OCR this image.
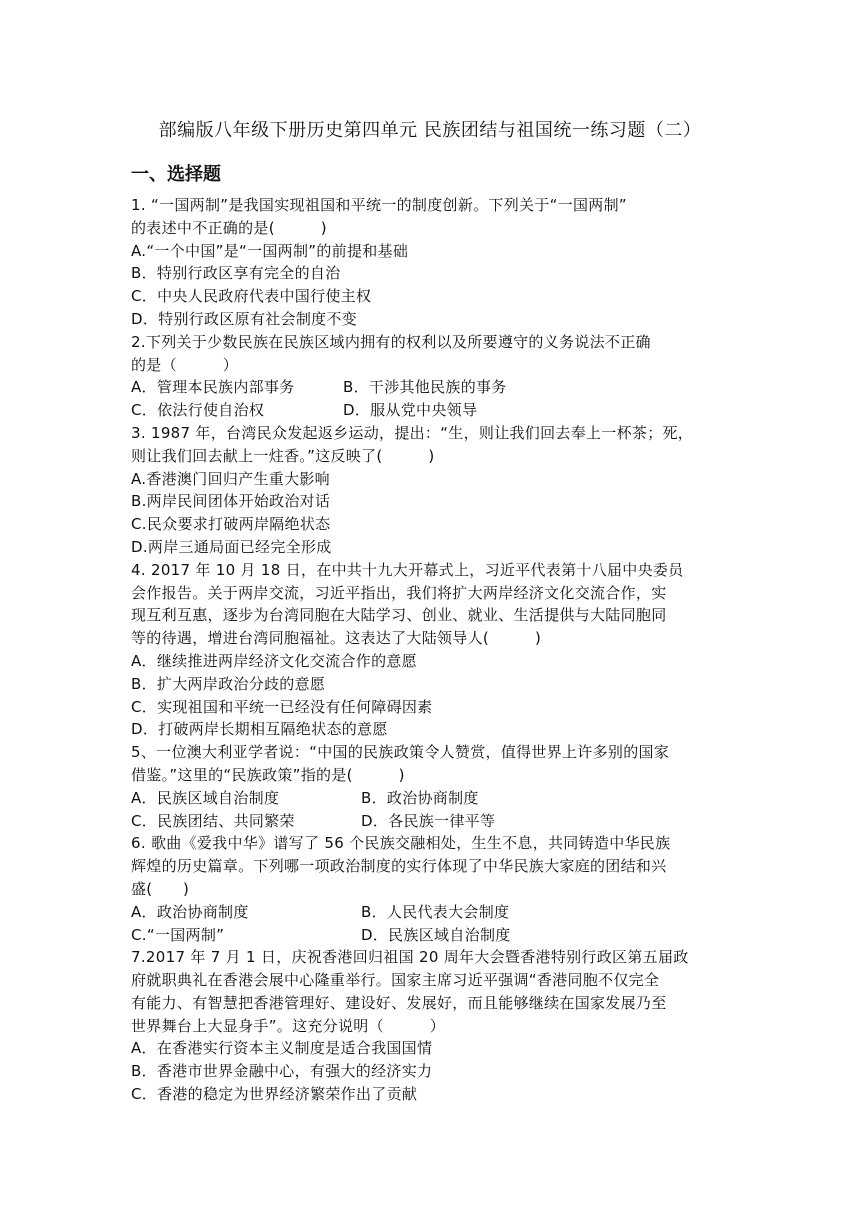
部编版八年级下册历史第四单元 民族团结与祖国统一练习题（二）
一、选择题

1. “一国两制”是我国实现祖国和平统一的制度创新。下列关于“一国两制”

的表述中不正确的是(　　　)

A.“一个中国”是“一国两制”的前提和基础

B．特别行政区享有完全的自治

C．中央人民政府代表中国行使主权

D．特别行政区原有社会制度不变

2.下列关于少数民族在民族区域内拥有的权利以及所要遵守的义务说法不正确

的是（　　　）

A．管理本民族内部事务	B．干涉其他民族的事务
C．依法行使自治权	D．服从党中央领导

3. 1987 年，台湾民众发起返乡运动，提出：“生，则让我们回去奉上一杯茶；死，

则让我们回去献上一炷香。”这反映了(　　　)

A.香港澳门回归产生重大影响

B.两岸民间团体开始政治对话

C.民众要求打破两岸隔绝状态

D.两岸三通局面已经完全形成

4. 2017 年 10 月 18 日，在中共十九大开幕式上，习近平代表第十八届中央委员

会作报告。关于两岸交流，习近平指出，我们将扩大两岸经济文化交流合作，实

现互利互惠，逐步为台湾同胞在大陆学习、创业、就业、生活提供与大陆同胞同

等的待遇，增进台湾同胞福祉。这表达了大陆领导人(　　　)

A．继续推进两岸经济文化交流合作的意愿

B．扩大两岸政治分歧的意愿

C．实现祖国和平统一已经没有任何障碍因素

D．打破两岸长期相互隔绝状态的意愿

5、一位澳大利亚学者说：“中国的民族政策令人赞赏，值得世界上许多别的国家

借鉴。”这里的“民族政策”指的是(　　　)

A．民族区域自治制度	B．政治协商制度
C．民族团结、共同繁荣	D．各民族一律平等

6. 歌曲《爱我中华》谱写了 56 个民族交融相处，生生不息，共同铸造中华民族

辉煌的历史篇章。下列哪一项政治制度的实行体现了中华民族大家庭的团结和兴

盛(　　)

A．政治协商制度	B．人民代表大会制度
C.“一国两制”	D．民族区域自治制度

7.2017 年 7 月 1 日，庆祝香港回归祖国 20 周年大会暨香港特别行政区第五届政

府就职典礼在香港会展中心隆重举行。国家主席习近平强调“香港同胞不仅完全

有能力、有智慧把香港管理好、建设好、发展好，而且能够继续在国家发展乃至

世界舞台上大显身手”。这充分说明（　　　）

A．在香港实行资本主义制度是适合我国国情

B．香港市世界金融中心，有强大的经济实力

C．香港的稳定为世界经济繁荣作出了贡献
